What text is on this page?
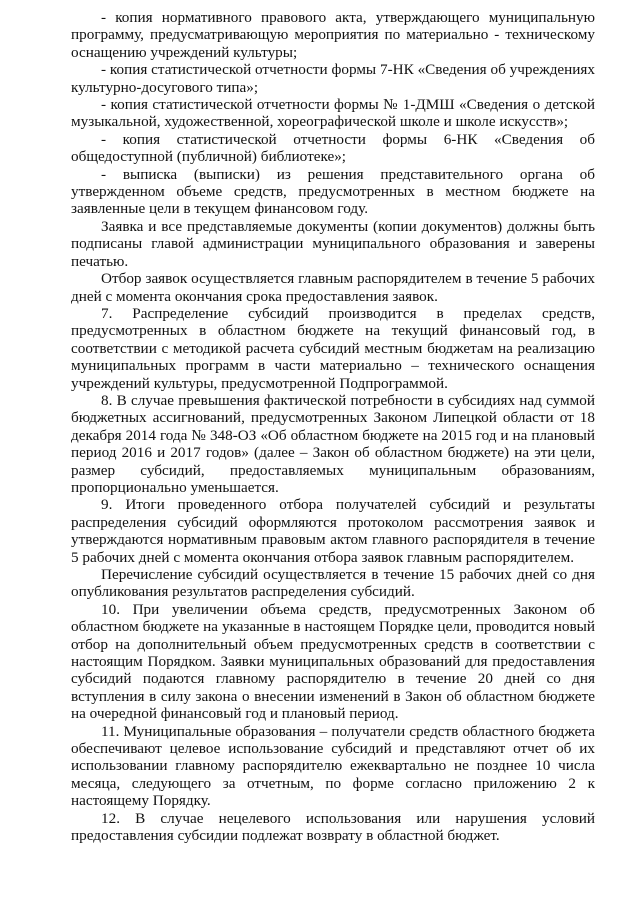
- копия нормативного правового акта, утверждающего муниципальную программу, предусматривающую мероприятия по материально - техническому оснащению учреждений культуры;

- копия статистической отчетности формы 7-НК «Сведения об учреждениях культурно-досугового типа»;

- копия статистической отчетности формы № 1-ДМШ «Сведения о детской музыкальной, художественной, хореографической школе и школе искусств»;

- копия статистической отчетности формы 6-НК «Сведения об общедоступной (публичной) библиотеке»;

- выписка (выписки) из решения представительного органа об утвержденном объеме средств, предусмотренных в местном бюджете на заявленные цели в текущем финансовом году.

Заявка и все представляемые документы (копии документов) должны быть подписаны главой администрации муниципального образования и заверены печатью.

Отбор заявок осуществляется главным распорядителем в течение 5 рабочих дней с момента окончания срока предоставления заявок.

7. Распределение субсидий производится в пределах средств, предусмотренных в областном бюджете на текущий финансовый год, в соответствии с методикой расчета субсидий местным бюджетам на реализацию муниципальных программ в части материально – технического оснащения учреждений культуры, предусмотренной Подпрограммой.

8. В случае превышения фактической потребности в субсидиях над суммой бюджетных ассигнований, предусмотренных Законом Липецкой области от 18 декабря 2014 года № 348-ОЗ «Об областном бюджете на 2015 год и на плановый период 2016 и 2017 годов» (далее – Закон об областном бюджете) на эти цели, размер субсидий, предоставляемых муниципальным образованиям, пропорционально уменьшается.

9. Итоги проведенного отбора получателей субсидий и результаты распределения субсидий оформляются протоколом рассмотрения заявок и утверждаются нормативным правовым актом главного распорядителя в течение 5 рабочих дней с момента окончания отбора заявок главным распорядителем.

Перечисление субсидий осуществляется в течение 15 рабочих дней со дня опубликования результатов распределения субсидий.

10. При увеличении объема средств, предусмотренных Законом об областном бюджете на указанные в настоящем Порядке цели, проводится новый отбор на дополнительный объем предусмотренных средств в соответствии с настоящим Порядком. Заявки муниципальных образований для предоставления субсидий подаются главному распорядителю в течение 20 дней со дня вступления в силу закона о внесении изменений в Закон об областном бюджете на очередной финансовый год и плановый период.

11. Муниципальные образования – получатели средств областного бюджета обеспечивают целевое использование субсидий и представляют отчет об их использовании главному распорядителю ежеквартально не позднее 10 числа месяца, следующего за отчетным, по форме согласно приложению 2 к настоящему Порядку.

12. В случае нецелевого использования или нарушения условий предоставления субсидии подлежат возврату в областной бюджет.
